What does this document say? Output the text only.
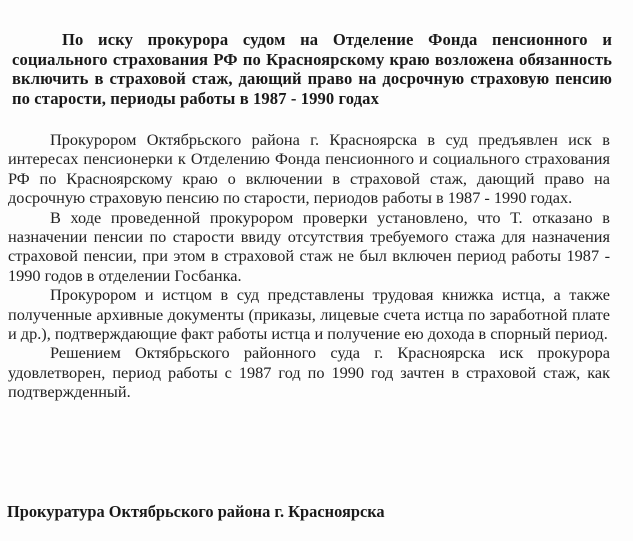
По иску прокурора судом на Отделение Фонда пенсионного и социального страхования РФ по Красноярскому краю возложена обязанность включить в страховой стаж, дающий право на досрочную страховую пенсию по старости, периоды работы в 1987 - 1990 годах

Прокурором Октябрьского района г. Красноярска в суд предъявлен иск в интересах пенсионерки к Отделению Фонда пенсионного и социального страхования РФ по Красноярскому краю о включении в страховой стаж, дающий право на досрочную страховую пенсию по старости, периодов работы в 1987 - 1990 годах.

В ходе проведенной прокурором проверки установлено, что Т. отказано в назначении пенсии по старости ввиду отсутствия требуемого стажа для назначения страховой пенсии, при этом в страховой стаж не был включен период работы 1987 - 1990 годов в отделении Госбанка.

Прокурором и истцом в суд представлены трудовая книжка истца, а также полученные архивные документы (приказы, лицевые счета истца по заработной плате и др.), подтверждающие факт работы истца и получение ею дохода в спорный период.

Решением Октябрьского районного суда г. Красноярска иск прокурора удовлетворен, период работы с 1987 год по 1990 год зачтен в страховой стаж, как подтвержденный.

Прокуратура Октябрьского района г. Красноярска
